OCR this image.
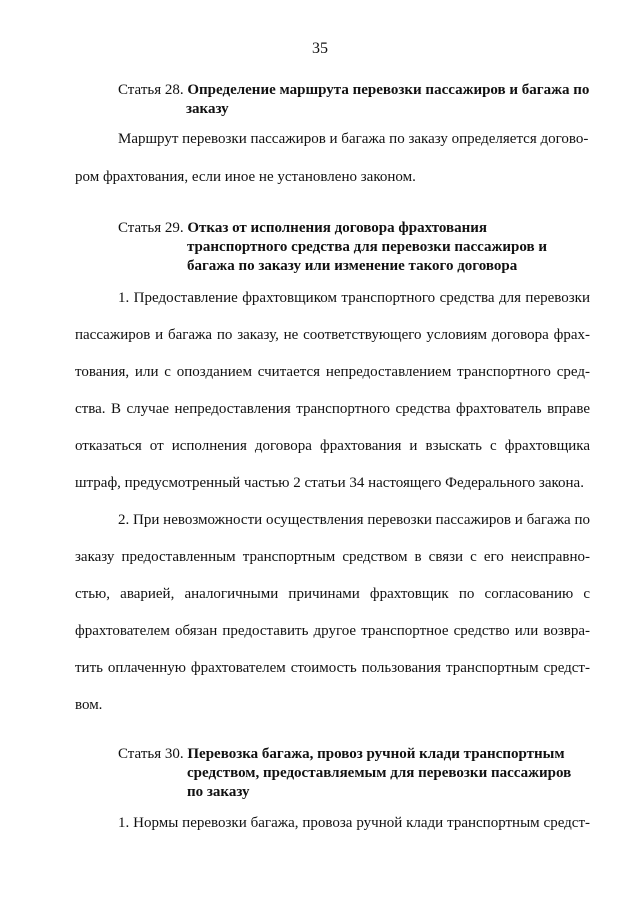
35
Статья 28. Определение маршрута перевозки пассажиров и багажа по
заказу
Маршрут перевозки пассажиров и багажа по заказу определяется догово-
ром фрахтования, если иное не установлено законом.
Статья 29. Отказ от исполнения договора фрахтования
транспортного средства для перевозки пассажиров и
багажа по заказу или изменение такого договора
1. Предоставление фрахтовщиком транспортного средства для перевозки
пассажиров и багажа по заказу, не соответствующего условиям договора фрах-
тования, или с опозданием считается непредоставлением транспортного сред-
ства. В случае непредоставления транспортного средства фрахтователь вправе
отказаться от исполнения договора фрахтования и взыскать с фрахтовщика
штраф, предусмотренный частью 2 статьи 34 настоящего Федерального закона.
2. При невозможности осуществления перевозки пассажиров и багажа по
заказу предоставленным транспортным средством в связи с его неисправно-
стью, аварией, аналогичными причинами фрахтовщик по согласованию с
фрахтователем обязан предоставить другое транспортное средство или возвра-
тить оплаченную фрахтователем стоимость пользования транспортным средст-
вом.
Статья 30. Перевозка багажа, провоз ручной клади транспортным
средством, предоставляемым для перевозки пассажиров
по заказу
1. Нормы перевозки багажа, провоза ручной клади транспортным средст-
